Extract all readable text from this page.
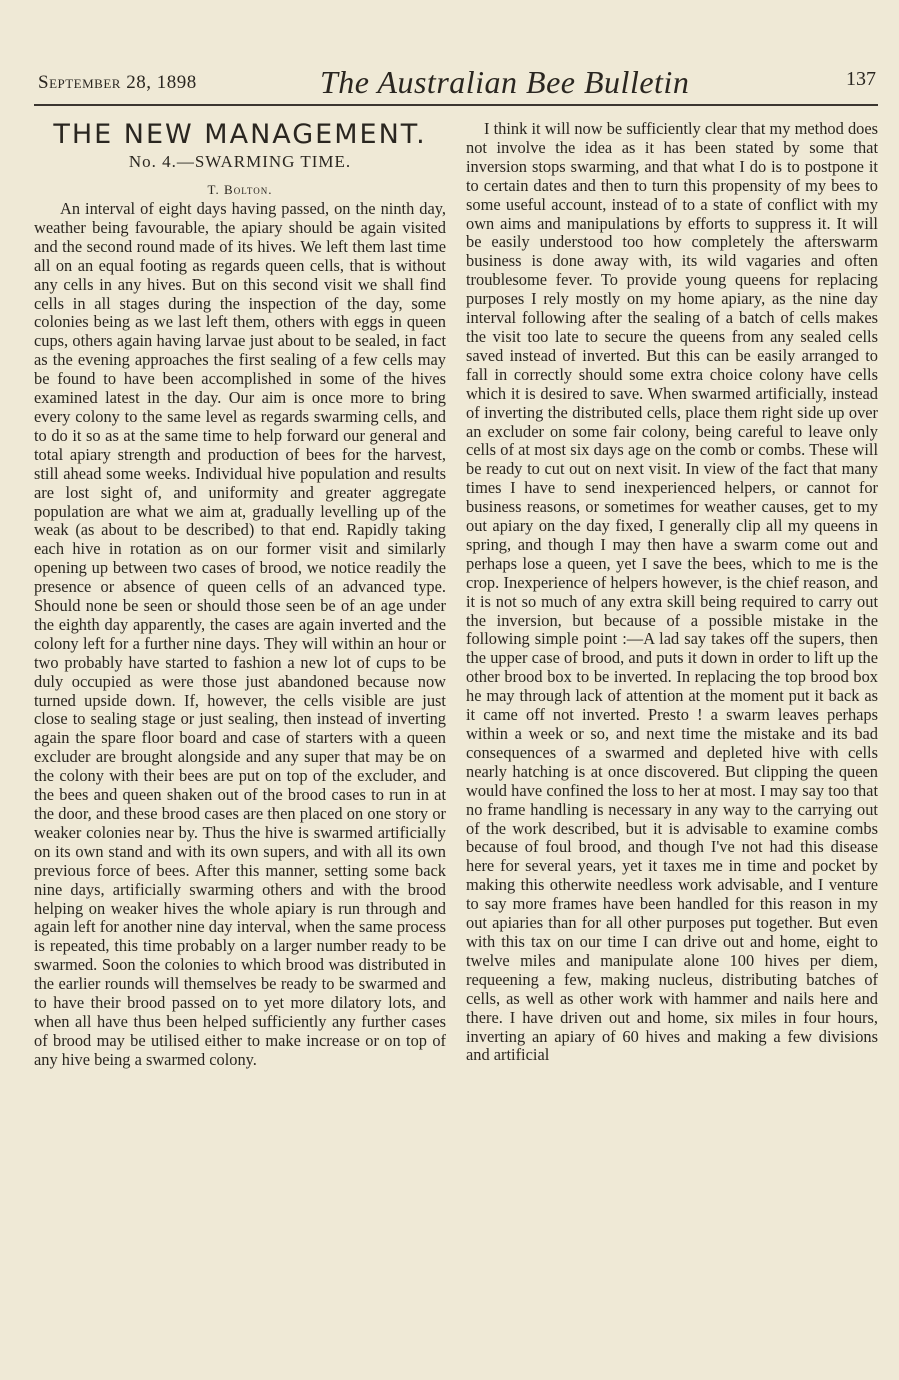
September 28, 1898	The Australian Bee Bulletin	137
THE NEW MANAGEMENT.
No. 4.—SWARMING TIME.
T. Bolton.

An interval of eight days having passed, on the ninth day, weather being favourable, the apiary should be again visited and the second round made of its hives. We left them last time all on an equal footing as regards queen cells, that is without any cells in any hives. But on this second visit we shall find cells in all stages during the inspection of the day, some colonies being as we last left them, others with eggs in queen cups, others again having larvae just about to be sealed, in fact as the evening approaches the first sealing of a few cells may be found to have been accomplished in some of the hives examined latest in the day. Our aim is once more to bring every colony to the same level as regards swarming cells, and to do it so as at the same time to help forward our general and total apiary strength and production of bees for the harvest, still ahead some weeks. Individual hive population and results are lost sight of, and uniformity and greater aggregate population are what we aim at, gradually levelling up of the weak (as about to be described) to that end. Rapidly taking each hive in rotation as on our former visit and similarly opening up between two cases of brood, we notice readily the presence or absence of queen cells of an advanced type. Should none be seen or should those seen be of an age under the eighth day apparently, the cases are again inverted and the colony left for a further nine days. They will within an hour or two probably have started to fashion a new lot of cups to be duly occupied as were those just abandoned because now turned upside down. If, however, the cells visible are just close to sealing stage or just sealing, then instead of inverting again the spare floor board and case of starters with a queen excluder are brought alongside and any super that may be on the colony with their bees are put on top of the excluder, and the bees and queen shaken out of the brood cases to run in at the door, and these brood cases are then placed on one story or weaker colonies near by. Thus the hive is swarmed artificially on its own stand and with its own supers, and with all its own previous force of bees. After this manner, setting some back nine days, artificially swarming others and with the brood helping on weaker hives the whole apiary is run through and again left for another nine day interval, when the same process is repeated, this time probably on a larger number ready to be swarmed. Soon the colonies to which brood was distributed in the earlier rounds will themselves be ready to be swarmed and to have their brood passed on to yet more dilatory lots, and when all have thus been helped sufficiently any further cases of brood may be utilised either to make increase or on top of any hive being a swarmed colony.

I think it will now be sufficiently clear that my method does not involve the idea as it has been stated by some that inversion stops swarming, and that what I do is to postpone it to certain dates and then to turn this propensity of my bees to some useful account, instead of to a state of conflict with my own aims and manipulations by efforts to suppress it. It will be easily understood too how completely the afterswarm business is done away with, its wild vagaries and often troublesome fever. To provide young queens for replacing purposes I rely mostly on my home apiary, as the nine day interval following after the sealing of a batch of cells makes the visit too late to secure the queens from any sealed cells saved instead of inverted. But this can be easily arranged to fall in correctly should some extra choice colony have cells which it is desired to save. When swarmed artificially, instead of inverting the distributed cells, place them right side up over an excluder on some fair colony, being careful to leave only cells of at most six days age on the comb or combs. These will be ready to cut out on next visit. In view of the fact that many times I have to send inexperienced helpers, or cannot for business reasons, or sometimes for weather causes, get to my out apiary on the day fixed, I generally clip all my queens in spring, and though I may then have a swarm come out and perhaps lose a queen, yet I save the bees, which to me is the crop. Inexperience of helpers however, is the chief reason, and it is not so much of any extra skill being required to carry out the inversion, but because of a possible mistake in the following simple point :—A lad say takes off the supers, then the upper case of brood, and puts it down in order to lift up the other brood box to be inverted. In replacing the top brood box he may through lack of attention at the moment put it back as it came off not inverted. Presto ! a swarm leaves perhaps within a week or so, and next time the mistake and its bad consequences of a swarmed and depleted hive with cells nearly hatching is at once discovered. But clipping the queen would have confined the loss to her at most. I may say too that no frame handling is necessary in any way to the carrying out of the work described, but it is advisable to examine combs because of foul brood, and though I've not had this disease here for several years, yet it taxes me in time and pocket by making this otherwite needless work advisable, and I venture to say more frames have been handled for this reason in my out apiaries than for all other purposes put together. But even with this tax on our time I can drive out and home, eight to twelve miles and manipulate alone 100 hives per diem, requeening a few, making nucleus, distributing batches of cells, as well as other work with hammer and nails here and there. I have driven out and home, six miles in four hours, inverting an apiary of 60 hives and making a few divisions and artificial
